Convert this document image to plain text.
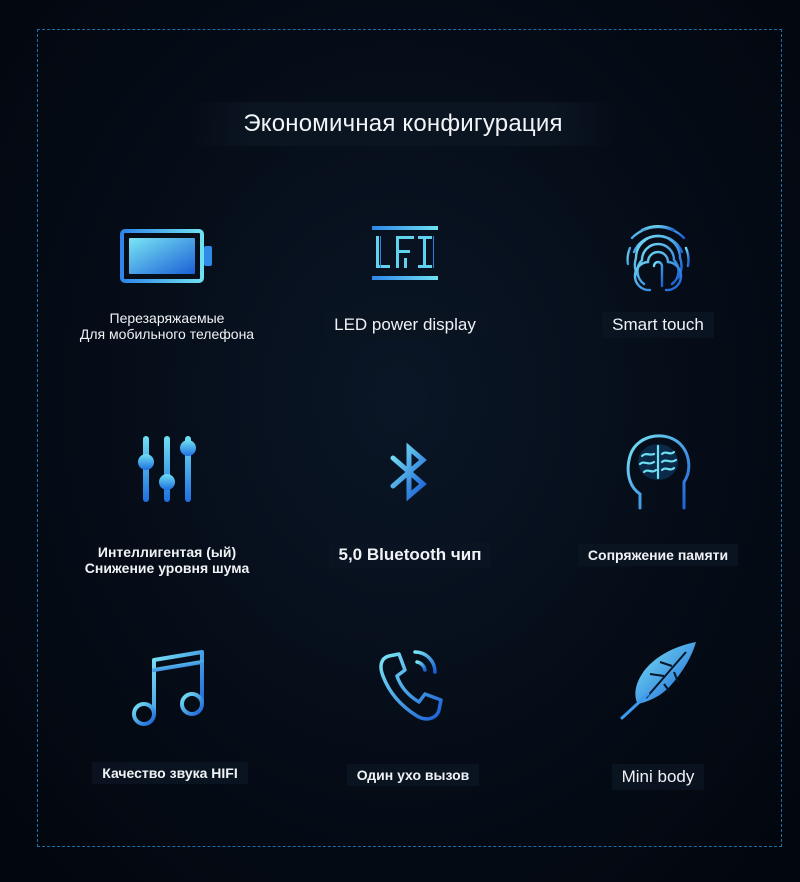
Экономичная конфигурация
Перезаряжаемые
Для мобильного телефона	LED power display	Smart touch
Интеллигентая (ый)
Снижение уровня шума
5,0 Bluetooth чип	Сопряжение памяти
Качество звука HIFI	Один ухо вызов	Mini body
